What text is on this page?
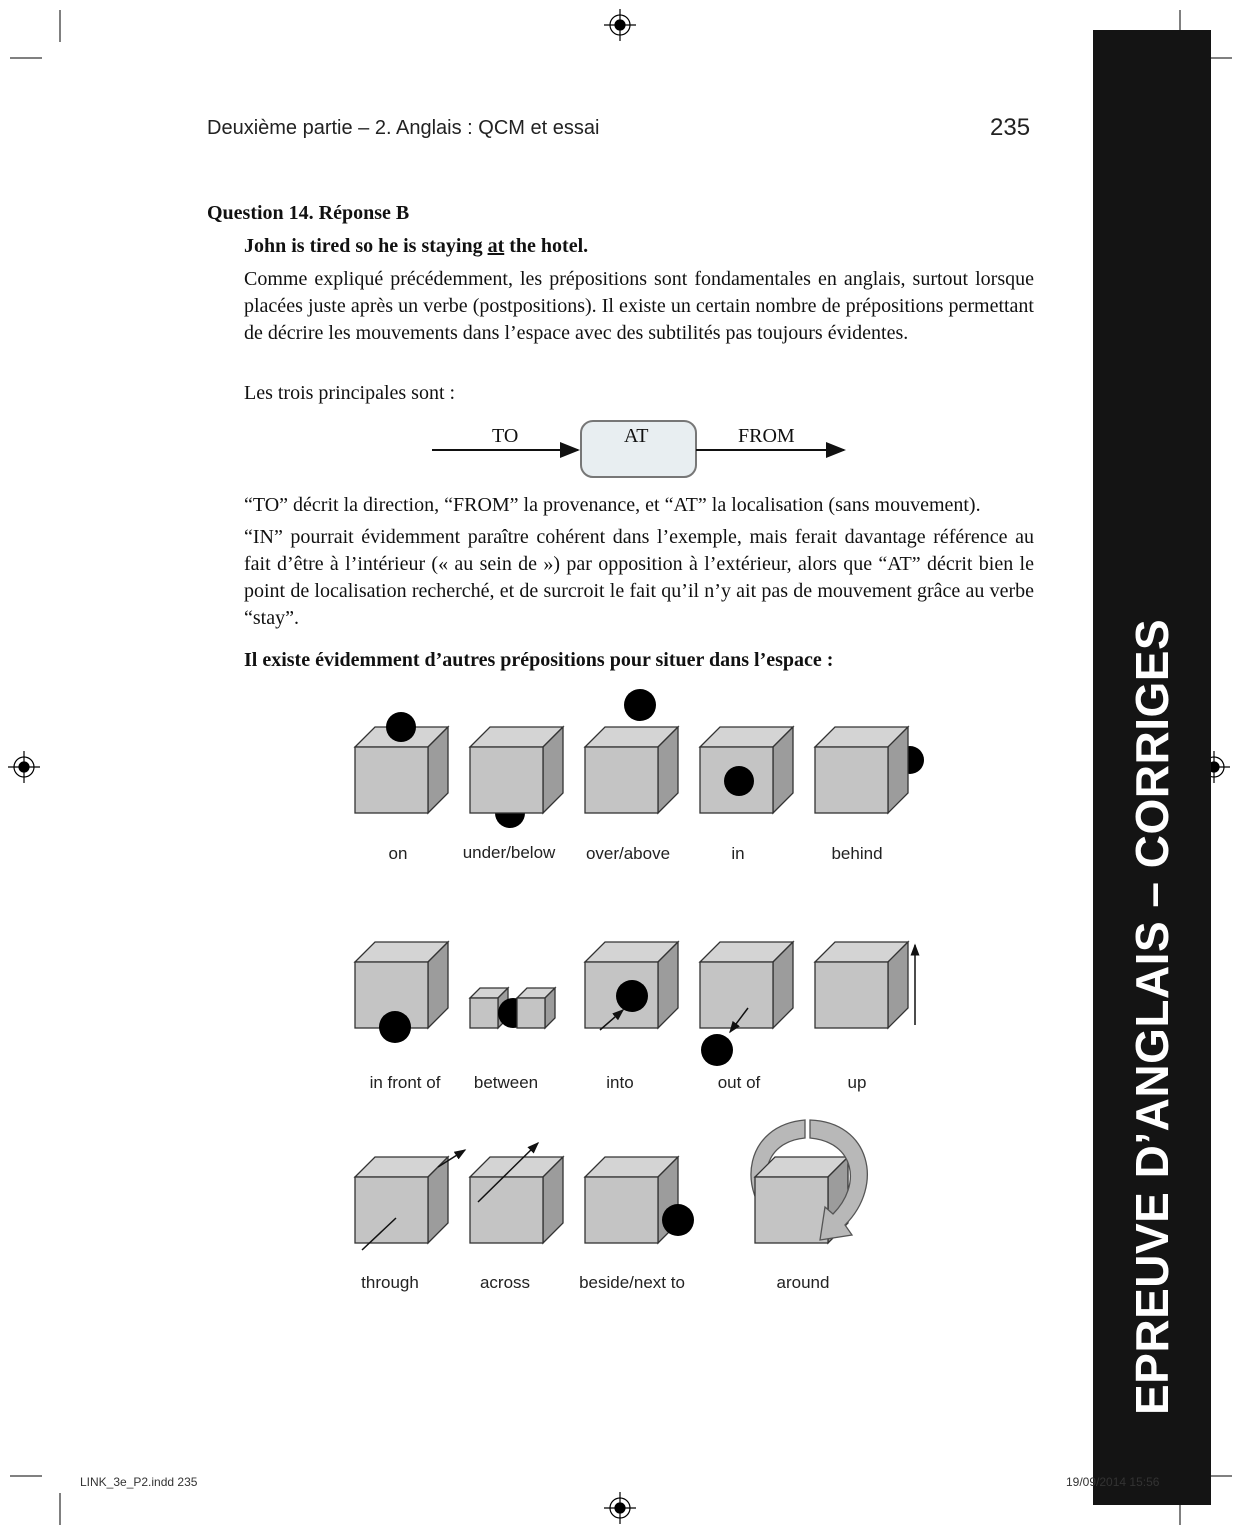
EPREUVE D’ANGLAIS – CORRIGES
Deuxième partie – 2. Anglais : QCM et essai	235
Question 14. Réponse B
John is tired so he is staying at the hotel.

Comme expliqué précédemment, les prépositions sont fondamentales en anglais, surtout lorsque placées juste après un verbe (postpositions). Il existe un certain nombre de prépositions permettant de décrire les mouvements dans l’espace avec des subtilités pas toujours évidentes.

Les trois principales sont :

TO	AT	FROM

“TO” décrit la direction, “FROM” la provenance, et “AT” la localisation (sans mouvement).

“IN” pourrait évidemment paraître cohérent dans l’exemple, mais ferait davantage référence au fait d’être à l’intérieur (« au sein de ») par opposition à l’extérieur, alors que “AT” décrit bien le point de localisation recherché, et de surcroit le fait qu’il n’y ait pas de mouvement grâce au verbe “stay”.

Il existe évidemment d’autres prépositions pour situer dans l’espace :
on	under/below	over/above	in	behind
in front of	between	into	out of	up
through	across	beside/next to	around
LINK_3e_P2.indd 235	19/09/2014 15:56
